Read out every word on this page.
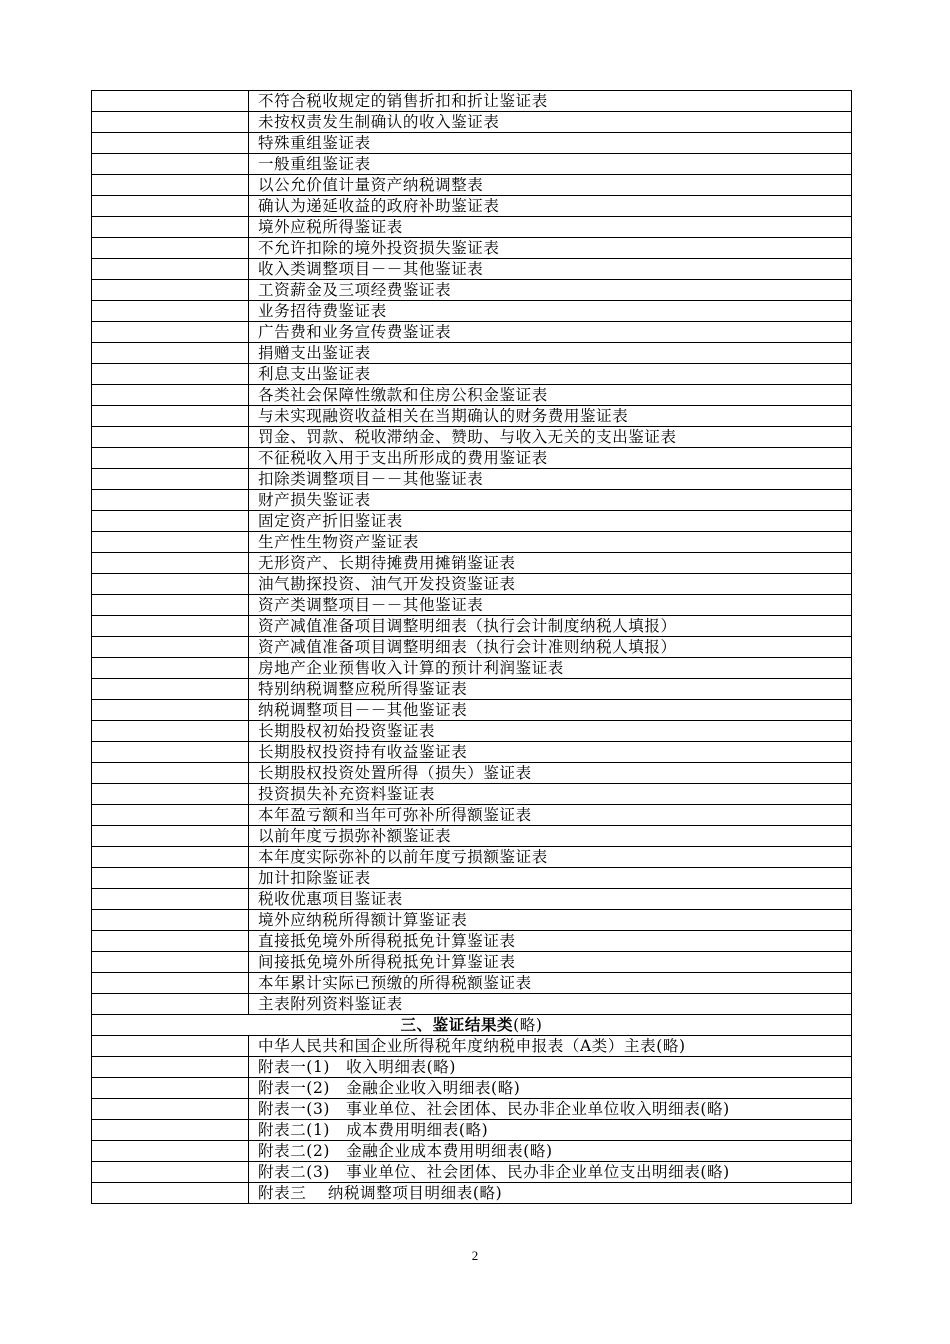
	不符合税收规定的销售折扣和折让鉴证表
	未按权责发生制确认的收入鉴证表
	特殊重组鉴证表
	一般重组鉴证表
	以公允价值计量资产纳税调整表
	确认为递延收益的政府补助鉴证表
	境外应税所得鉴证表
	不允许扣除的境外投资损失鉴证表
	收入类调整项目－－其他鉴证表
	工资薪金及三项经费鉴证表
	业务招待费鉴证表
	广告费和业务宣传费鉴证表
	捐赠支出鉴证表
	利息支出鉴证表
	各类社会保障性缴款和住房公积金鉴证表
	与未实现融资收益相关在当期确认的财务费用鉴证表
	罚金、罚款、税收滞纳金、赞助、与收入无关的支出鉴证表
	不征税收入用于支出所形成的费用鉴证表
	扣除类调整项目－－其他鉴证表
	财产损失鉴证表
	固定资产折旧鉴证表
	生产性生物资产鉴证表
	无形资产、长期待摊费用摊销鉴证表
	油气勘探投资、油气开发投资鉴证表
	资产类调整项目－－其他鉴证表
	资产减值准备项目调整明细表（执行会计制度纳税人填报）
	资产减值准备项目调整明细表（执行会计准则纳税人填报）
	房地产企业预售收入计算的预计利润鉴证表
	特别纳税调整应税所得鉴证表
	纳税调整项目－－其他鉴证表
	长期股权初始投资鉴证表
	长期股权投资持有收益鉴证表
	长期股权投资处置所得（损失）鉴证表
	投资损失补充资料鉴证表
	本年盈亏额和当年可弥补所得额鉴证表
	以前年度亏损弥补额鉴证表
	本年度实际弥补的以前年度亏损额鉴证表
	加计扣除鉴证表
	税收优惠项目鉴证表
	境外应纳税所得额计算鉴证表
	直接抵免境外所得税抵免计算鉴证表
	间接抵免境外所得税抵免计算鉴证表
	本年累计实际已预缴的所得税额鉴证表
	主表附列资料鉴证表
三、鉴证结果类(略)	
	中华人民共和国企业所得税年度纳税申报表（A类）主表(略)
	附表一(1)　收入明细表(略)
	附表一(2)　金融企业收入明细表(略)
	附表一(3)　事业单位、社会团体、民办非企业单位收入明细表(略)
	附表二(1)　成本费用明细表(略)
	附表二(2)　金融企业成本费用明细表(略)
	附表二(3)　事业单位、社会团体、民办非企业单位支出明细表(略)
	附表三　 纳税调整项目明细表(略)
2
